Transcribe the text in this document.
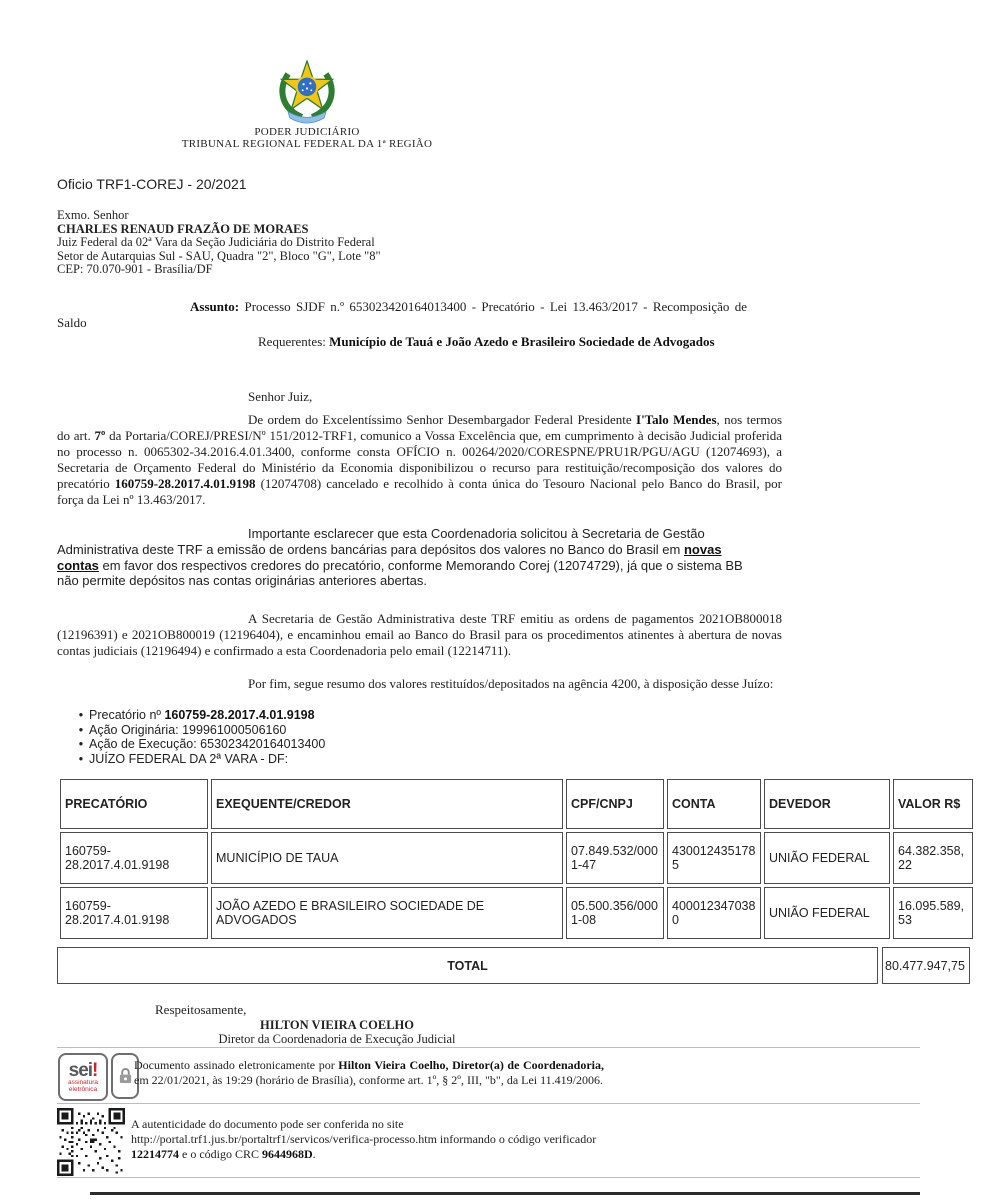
PODER JUDICIÁRIO
TRIBUNAL REGIONAL FEDERAL DA 1ª REGIÃO
Oficio TRF1-COREJ - 20/2021
Exmo. Senhor
CHARLES RENAUD FRAZÃO DE MORAES
Juiz Federal da 02ª Vara da Seção Judiciária do Distrito Federal
Setor de Autarquias Sul - SAU, Quadra "2", Bloco "G", Lote "8"
CEP: 70.070-901 - Brasília/DF
Assunto: Processo SJDF n.º 653023420164013400 - Precatório - Lei 13.463/2017 - Recomposição de Saldo
Requerentes: Município de Tauá e João Azedo e Brasileiro Sociedade de Advogados
Senhor Juiz,
De ordem do Excelentíssimo Senhor Desembargador Federal Presidente I'Talo Mendes, nos termos do art. 7º da Portaria/COREJ/PRESI/Nº 151/2012-TRF1, comunico a Vossa Excelência que, em cumprimento à decisão Judicial proferida no processo n. 0065302-34.2016.4.01.3400, conforme consta OFÍCIO n. 00264/2020/CORESPNE/PRU1R/PGU/AGU (12074693), a Secretaria de Orçamento Federal do Ministério da Economia disponibilizou o recurso para restituição/recomposição dos valores do precatório 160759-28.2017.4.01.9198 (12074708) cancelado e recolhido à conta única do Tesouro Nacional pelo Banco do Brasil, por força da Lei nº 13.463/2017.
Importante esclarecer que esta Coordenadoria solicitou à Secretaria de Gestão Administrativa deste TRF a emissão de ordens bancárias para depósitos dos valores no Banco do Brasil em novas contas em favor dos respectivos credores do precatório, conforme Memorando Corej (12074729), já que o sistema BB não permite depósitos nas contas originárias anteriores abertas.
A Secretaria de Gestão Administrativa deste TRF emitiu as ordens de pagamentos 2021OB800018 (12196391) e 2021OB800019 (12196404), e encaminhou email ao Banco do Brasil para os procedimentos atinentes à abertura de novas contas judiciais (12196494) e confirmado a esta Coordenadoria pelo email (12214711).
Por fim, segue resumo dos valores restituídos/depositados na agência 4200, à disposição desse Juízo:
• Precatório nº 160759-28.2017.4.01.9198
• Ação Originária: 199961000506160
• Ação de Execução: 653023420164013400
• JUÍZO FEDERAL DA 2ª VARA - DF:
PRECATÓRIO	EXEQUENTE/CREDOR	CPF/CNPJ	CONTA	DEVEDOR	VALOR R$
160759-28.2017.4.01.9198	MUNICÍPIO DE TAUA	07.849.532/0001-47	4300124351785	UNIÃO FEDERAL	64.382.358,22
160759-28.2017.4.01.9198	JOÃO AZEDO E BRASILEIRO SOCIEDADE DE ADVOGADOS	05.500.356/0001-08	4000123470380	UNIÃO FEDERAL	16.095.589,53
TOTAL	80.477.947,75
Respeitosamente,
HILTON VIEIRA COELHO
Diretor da Coordenadoria de Execução Judicial
sei!
assinatura
eletrônica
Documento assinado eletronicamente por Hilton Vieira Coelho, Diretor(a) de Coordenadoria, em 22/01/2021, às 19:29 (horário de Brasília), conforme art. 1º, § 2º, III, "b", da Lei 11.419/2006.
A autenticidade do documento pode ser conferida no site
http://portal.trf1.jus.br/portaltrf1/servicos/verifica-processo.htm informando o código verificador
12214774 e o código CRC 9644968D.
